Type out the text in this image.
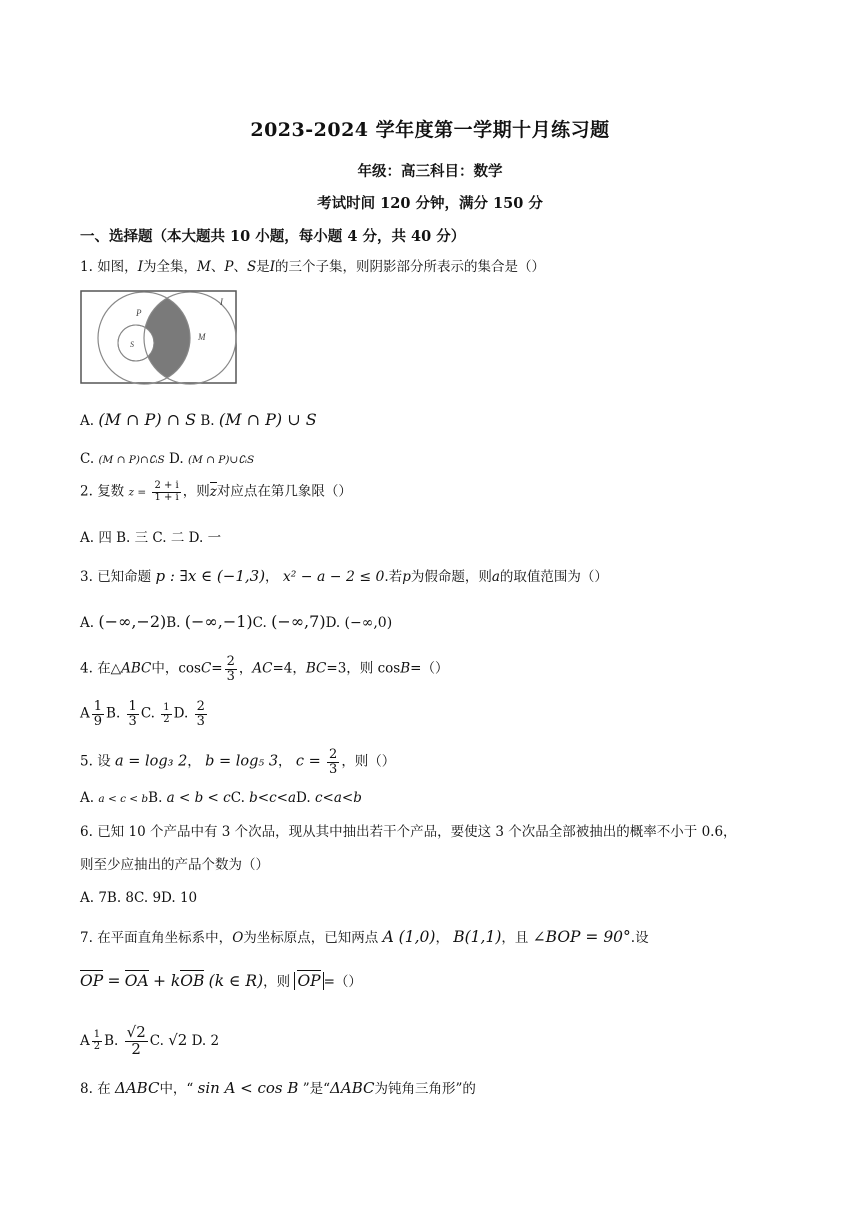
2023-2024 学年度第一学期十月练习题
年级：高三科目：数学
考试时间 120 分钟，满分 150 分
一、选择题（本大题共 10 小题，每小题 4 分，共 40 分）
1. 如图，I为全集，M、P、S是I的三个子集，则阴影部分所表示的集合是（）
P
S
M
I
A. (M ∩ P) ∩ S B. (M ∩ P) ∪ S
C. (M ∩ P)∩∁ᵢS D. (M ∩ P)∪∁ᵢS
2. 复数 $z = \frac{2 + i}{1 + i}$ ，则z对应点在第几象限（）
A. 四 B. 三 C. 二 D. 一
3. 已知命题 p : ∃x ∈ (−1,3)， x² − a − 2 ≤ 0.若p为假命题，则a的取值范围为（）
A. (−∞,−2)B. (−∞,−1)C. (−∞,7)D. (−∞,0)
4. 在△ABC中，$\cos C= \frac{2}{3}$ ，AC=4，BC=3，则 cosB=（）
A $\frac{1}{9} B$. $\frac{1}{3} C$. $\frac{1}{2} D$. $\frac{2}{3}$
5. 设 a = log₃ 2， b = log₅ 3， $c = \frac{2}{3}$ ，则（）
A. a < c < bB. a < b < cC. b<c<aD. c<a<b
6. 已知 10 个产品中有 3 个次品，现从其中抽出若干个产品，要使这 3 个次品全部被抽出的概率不小于 0.6，
则至少应抽出的产品个数为（）
A. 7B. 8C. 9D. 10
7. 在平面直角坐标系中，O为坐标原点，已知两点 A (1,0)， B(1,1)，且 ∠BOP = 90°.设
OP = OA + kOB (k ∈ R)，则 OP =（）
A $\frac{1}{2} B$. $\frac{√2}{2} C$. √2 D. 2
8. 在 ΔABC中，“ sin A < cos B ”是“ΔABC为钝角三角形”的
